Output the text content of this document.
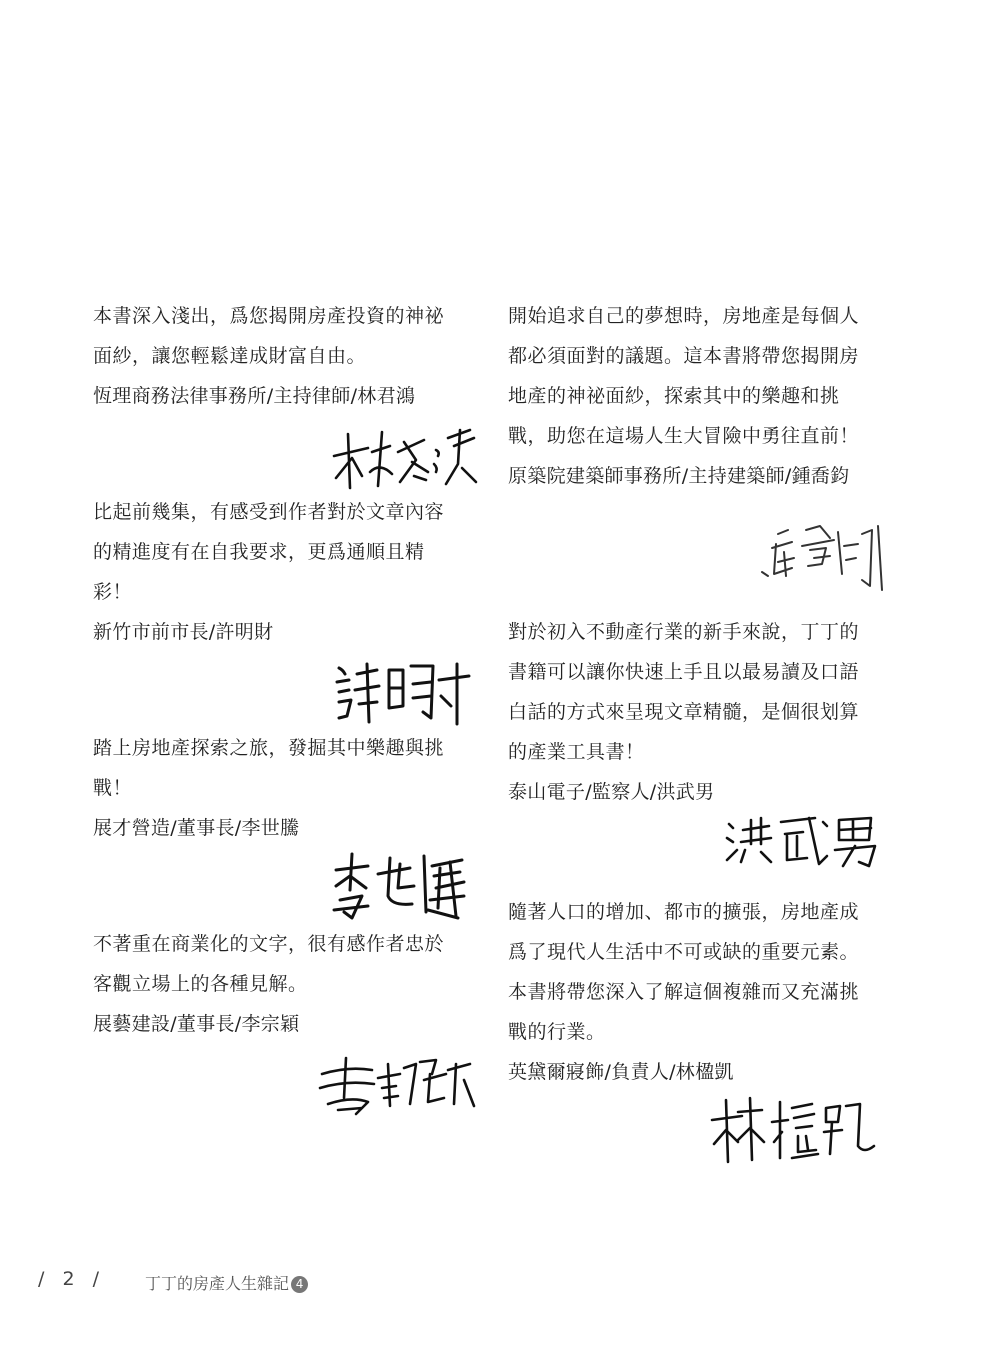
本書深入淺出，爲您揭開房產投資的神祕

面紗，讓您輕鬆達成財富自由。

恆理商務法律事務所/主持律師/林君鴻

比起前幾集，有感受到作者對於文章內容

的精進度有在自我要求，更爲通順且精

彩！

新竹市前市長/許明財

踏上房地產探索之旅，發掘其中樂趣與挑

戰！

展才營造/董事長/李世騰

不著重在商業化的文字，很有感作者忠於

客觀立場上的各種見解。

展藝建設/董事長/李宗穎

開始追求自己的夢想時，房地產是每個人

都必須面對的議題。這本書將帶您揭開房

地產的神祕面紗，探索其中的樂趣和挑

戰，助您在這場人生大冒險中勇往直前！

原築院建築師事務所/主持建築師/鍾喬鈞

對於初入不動產行業的新手來說，丁丁的

書籍可以讓你快速上手且以最易讀及口語

白話的方式來呈現文章精髓，是個很划算

的產業工具書！

泰山電子/監察人/洪武男

隨著人口的增加、都市的擴張，房地產成

爲了現代人生活中不可或缺的重要元素。

本書將帶您深入了解這個複雜而又充滿挑

戰的行業。

英黛爾寢飾/負責人/林楹凱

/ 2 /	丁丁的房產人生雜記 4
